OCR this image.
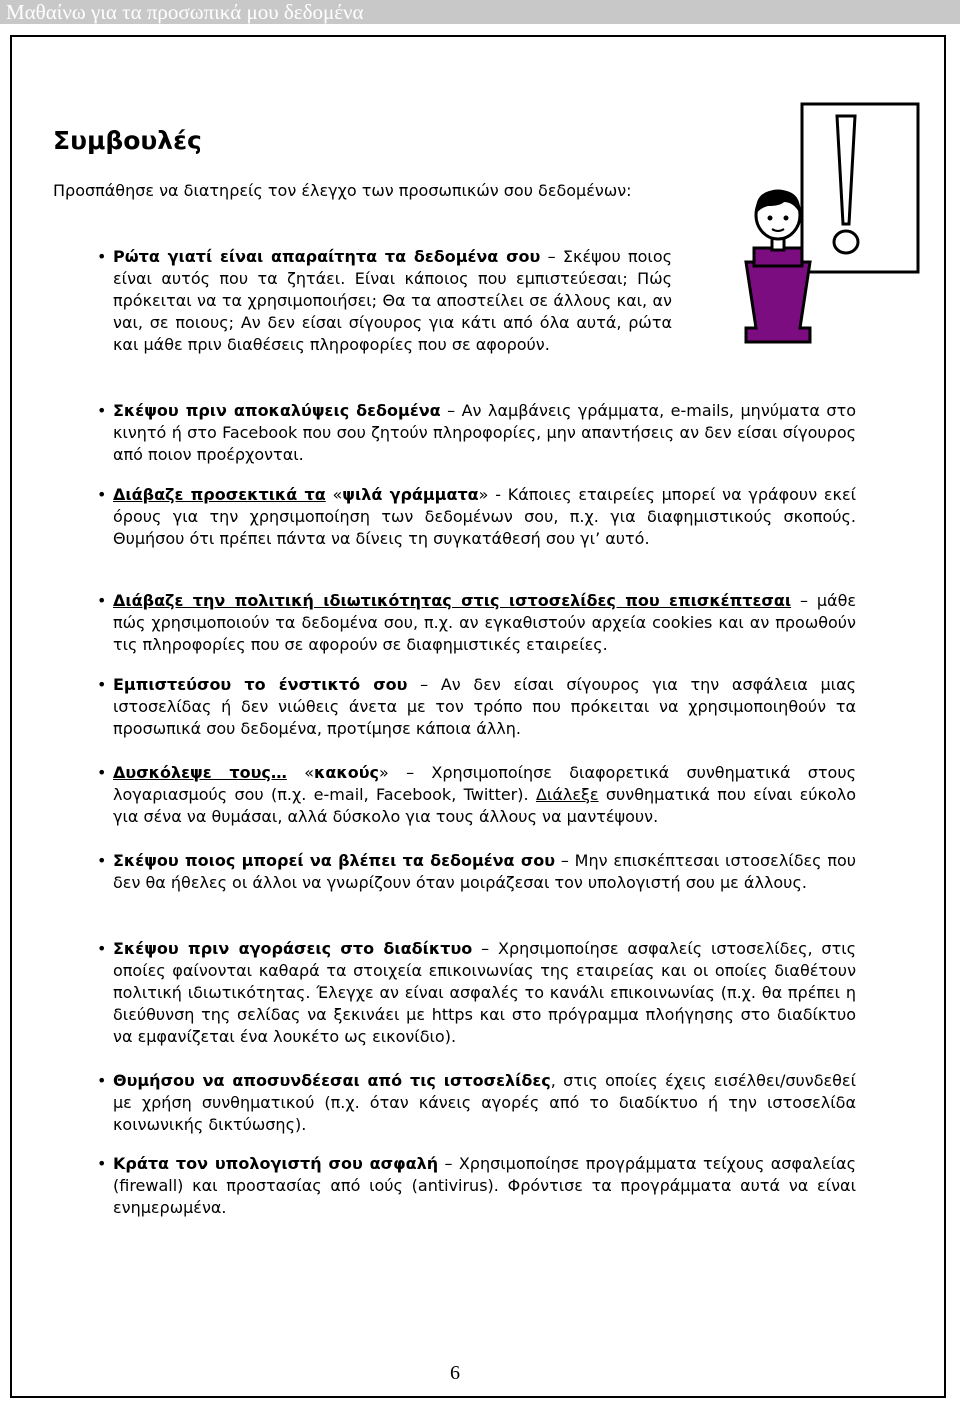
Μαθαίνω για τα προσωπικά μου δεδομένα
Συμβουλές

Προσπάθησε να διατηρείς τον έλεγχο των προσωπικών σου δεδομένων:

• Ρώτα γιατί είναι απαραίτητα τα δεδομένα σου – Σκέψου ποιος είναι αυτός που τα ζητάει. Είναι κάποιος που εμπιστεύεσαι; Πώς πρόκειται να τα χρησιμοποιήσει; Θα τα αποστείλει σε άλλους και, αν ναι, σε ποιους; Αν δεν είσαι σίγουρος για κάτι από όλα αυτά, ρώτα και μάθε πριν διαθέσεις πληροφορίες που σε αφορούν.

• Σκέψου πριν αποκαλύψεις δεδομένα – Αν λαμβάνεις γράμματα, e-mails, μηνύματα στο κινητό ή στο Facebook που σου ζητούν πληροφορίες, μην απαντήσεις αν δεν είσαι σίγουρος από ποιον προέρχονται.

• Διάβαζε προσεκτικά τα «ψιλά γράμματα» - Κάποιες εταιρείες μπορεί να γράφουν εκεί όρους για την χρησιμοποίηση των δεδομένων σου, π.χ. για διαφημιστικούς σκοπούς. Θυμήσου ότι πρέπει πάντα να δίνεις τη συγκατάθεσή σου γι’ αυτό.

• Διάβαζε την πολιτική ιδιωτικότητας στις ιστοσελίδες που επισκέπτεσαι – μάθε πώς χρησιμοποιούν τα δεδομένα σου, π.χ. αν εγκαθιστούν αρχεία cookies και αν προωθούν τις πληροφορίες που σε αφορούν σε διαφημιστικές εταιρείες.

• Εμπιστεύσου το ένστικτό σου – Αν δεν είσαι σίγουρος για την ασφάλεια μιας ιστοσελίδας ή δεν νιώθεις άνετα με τον τρόπο που πρόκειται να χρησιμοποιηθούν τα προσωπικά σου δεδομένα, προτίμησε κάποια άλλη.

• Δυσκόλεψε τους… «κακούς» – Χρησιμοποίησε διαφορετικά συνθηματικά στους λογαριασμούς σου (π.χ. e-mail, Facebook, Twitter). Διάλεξε συνθηματικά που είναι εύκολο για σένα να θυμάσαι, αλλά δύσκολο για τους άλλους να μαντέψουν.

• Σκέψου ποιος μπορεί να βλέπει τα δεδομένα σου – Μην επισκέπτεσαι ιστοσελίδες που δεν θα ήθελες οι άλλοι να γνωρίζουν όταν μοιράζεσαι τον υπολογιστή σου με άλλους.

• Σκέψου πριν αγοράσεις στο διαδίκτυο – Χρησιμοποίησε ασφαλείς ιστοσελίδες, στις οποίες φαίνονται καθαρά τα στοιχεία επικοινωνίας της εταιρείας και οι οποίες διαθέτουν πολιτική ιδιωτικότητας. Έλεγχε αν είναι ασφαλές το κανάλι επικοινωνίας (π.χ. θα πρέπει η διεύθυνση της σελίδας να ξεκινάει με https και στο πρόγραμμα πλοήγησης στο διαδίκτυο να εμφανίζεται ένα λουκέτο ως εικονίδιο).

• Θυμήσου να αποσυνδέεσαι από τις ιστοσελίδες, στις οποίες έχεις εισέλθει/συνδεθεί με χρήση συνθηματικού (π.χ. όταν κάνεις αγορές από το διαδίκτυο ή την ιστοσελίδα κοινωνικής δικτύωσης).

• Κράτα τον υπολογιστή σου ασφαλή – Χρησιμοποίησε προγράμματα τείχους ασφαλείας (firewall) και προστασίας από ιούς (antivirus). Φρόντισε τα προγράμματα αυτά να είναι ενημερωμένα.

6
